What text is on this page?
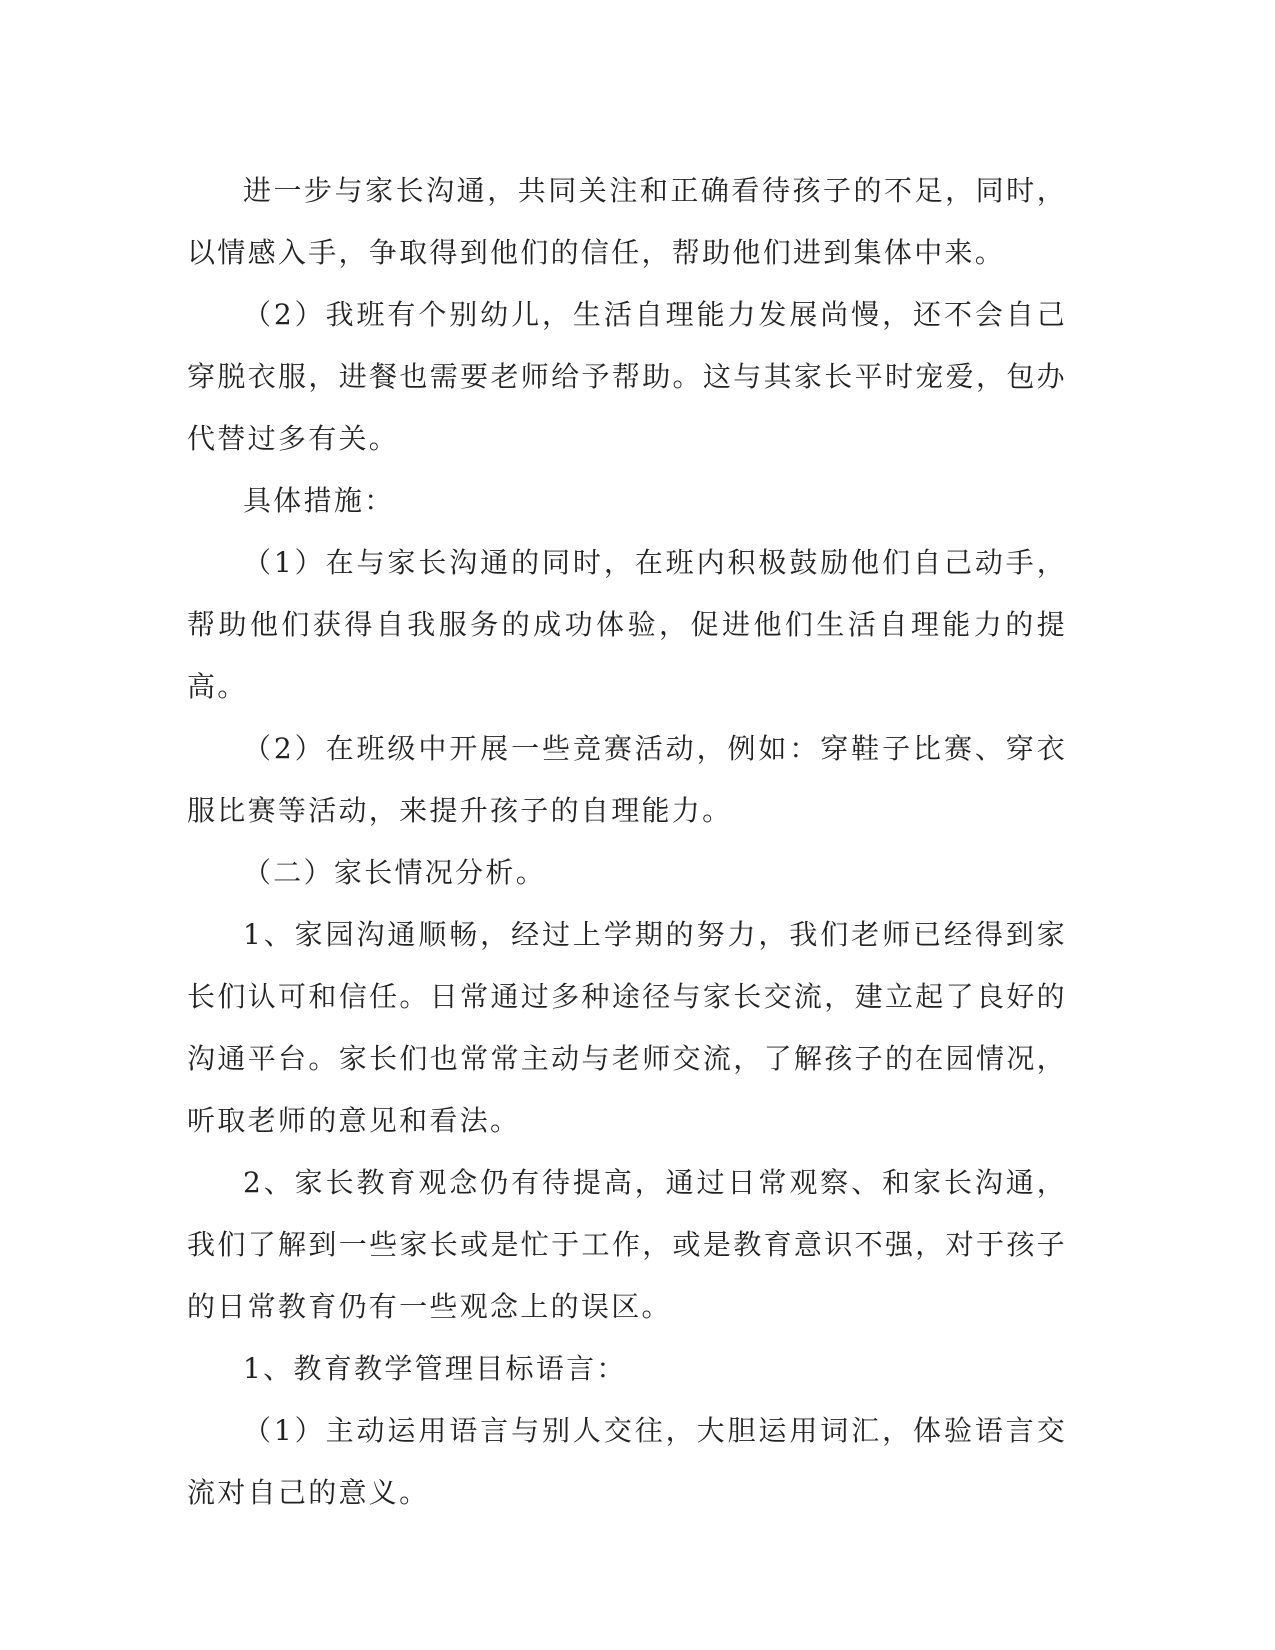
进一步与家长沟通，共同关注和正确看待孩子的不足，同时，以情感入手，争取得到他们的信任，帮助他们进到集体中来。

（2）我班有个别幼儿，生活自理能力发展尚慢，还不会自己穿脱衣服，进餐也需要老师给予帮助。这与其家长平时宠爱，包办代替过多有关。

具体措施：

（1）在与家长沟通的同时，在班内积极鼓励他们自己动手，帮助他们获得自我服务的成功体验，促进他们生活自理能力的提高。

（2）在班级中开展一些竞赛活动，例如：穿鞋子比赛、穿衣服比赛等活动，来提升孩子的自理能力。

（二）家长情况分析。

1、家园沟通顺畅，经过上学期的努力，我们老师已经得到家长们认可和信任。日常通过多种途径与家长交流，建立起了良好的沟通平台。家长们也常常主动与老师交流，了解孩子的在园情况，听取老师的意见和看法。

2、家长教育观念仍有待提高，通过日常观察、和家长沟通，我们了解到一些家长或是忙于工作，或是教育意识不强，对于孩子的日常教育仍有一些观念上的误区。

1、教育教学管理目标语言：

（1）主动运用语言与别人交往，大胆运用词汇，体验语言交流对自己的意义。
